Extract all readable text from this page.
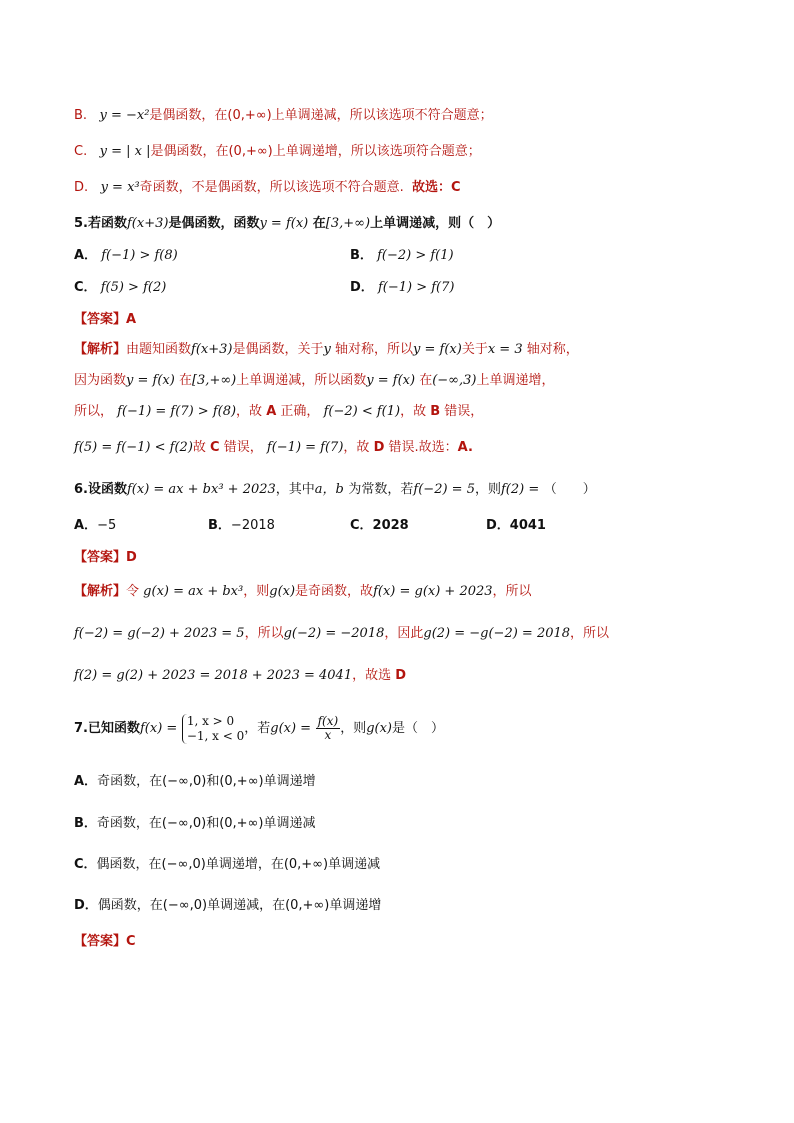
B. y = −x²是偶函数，在(0,+∞)上单调递减，所以该选项不符合题意；
C. y = | x |是偶函数，在(0,+∞)上单调递增，所以该选项符合题意；
D. y = x³奇函数，不是偶函数，所以该选项不符合题意. 故选：C
5.若函数f(x+3)是偶函数，函数y = f(x) 在[3,+∞)上单调递减，则（　）
A． f(−1) > f(8)	B． f(−2) > f(1)
C． f(5) > f(2)	D． f(−1) > f(7)
【答案】A
【解析】由题知函数f(x+3)是偶函数，关于y 轴对称，所以y = f(x)关于x = 3 轴对称，
因为函数y = f(x) 在[3,+∞)上单调递减，所以函数y = f(x) 在(−∞,3)上单调递增，
所以， f(−1) = f(7) > f(8)，故 A 正确， f(−2) < f(1)，故 B 错误，
f(5) = f(−1) < f(2)故 C 错误， f(−1) = f(7)，故 D 错误.故选：A.
6.设函数f(x) = ax + bx³ + 2023，其中a，b 为常数，若f(−2) = 5，则f(2) = （　　）
A．−5	B．−2018	C．2028	D．4041
【答案】D
【解析】令 g(x) = ax + bx³，则g(x)是奇函数，故f(x) = g(x) + 2023，所以
f(−2) = g(−2) + 2023 = 5，所以g(−2) = −2018，因此g(2) = −g(−2) = 2018，所以
f(2) = g(2) + 2023 = 2018 + 2023 = 4041，故选 D
7.已知函数f(x) =
1, x > 0
−1, x < 0 ，若$g(x) = \frac{f(x)}{x}$ ，则g(x)是（　）
A．奇函数，在(−∞,0)和(0,+∞)单调递增
B．奇函数，在(−∞,0)和(0,+∞)单调递减
C．偶函数，在(−∞,0)单调递增，在(0,+∞)单调递减
D．偶函数，在(−∞,0)单调递减，在(0,+∞)单调递增
【答案】C
